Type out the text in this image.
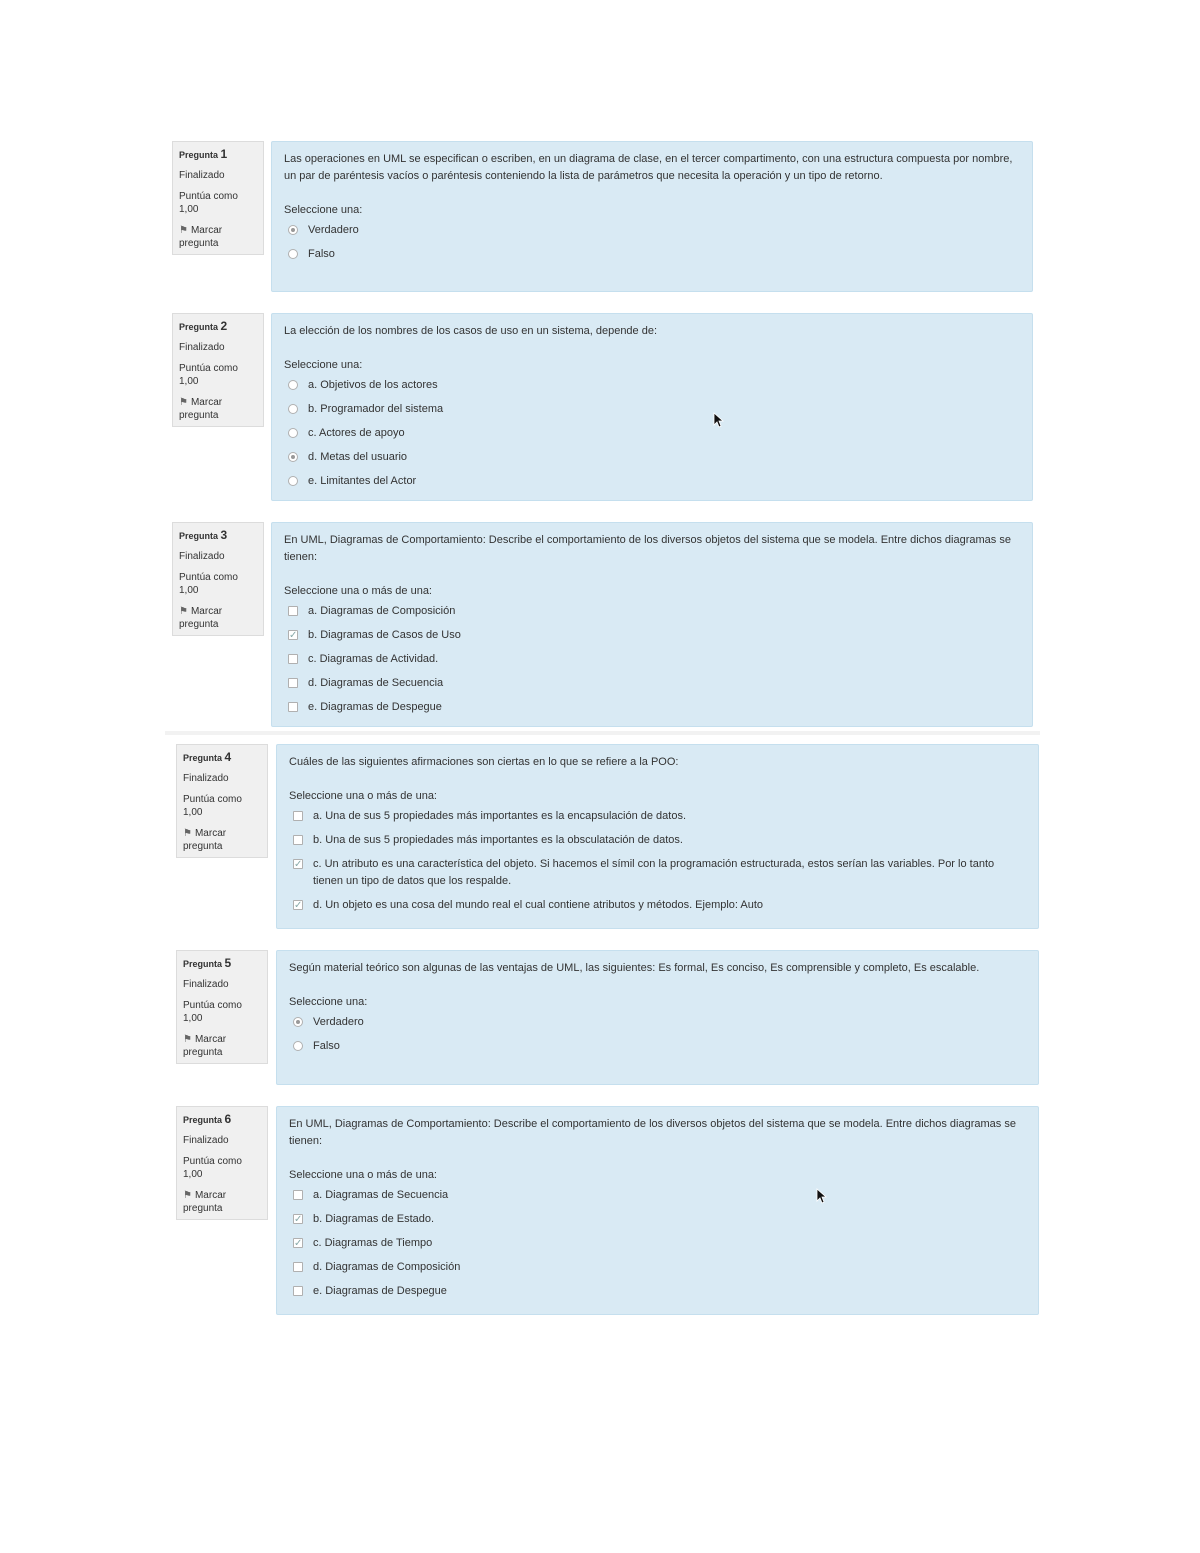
Pregunta 1
Finalizado
Puntúa como 1,00
⚑ Marcar pregunta

Las operaciones en UML se especifican o escriben, en un diagrama de clase, en el tercer compartimento, con una estructura compuesta por nombre, un par de paréntesis vacíos o paréntesis conteniendo la lista de parámetros que necesita la operación y un tipo de retorno.

Seleccione una:
Verdadero
Falso
Pregunta 2
Finalizado
Puntúa como 1,00
⚑ Marcar pregunta

La elección de los nombres de los casos de uso en un sistema, depende de:

Seleccione una:
a. Objetivos de los actores
b. Programador del sistema
c. Actores de apoyo
d. Metas del usuario
e. Limitantes del Actor
Pregunta 3
Finalizado
Puntúa como 1,00
⚑ Marcar pregunta

En UML, Diagramas de Comportamiento: Describe el comportamiento de los diversos objetos del sistema que se modela. Entre dichos diagramas se tienen:

Seleccione una o más de una:
a. Diagramas de Composición
✓
b. Diagramas de Casos de Uso
c. Diagramas de Actividad.
d. Diagramas de Secuencia
e. Diagramas de Despegue
Pregunta 4
Finalizado
Puntúa como 1,00
⚑ Marcar pregunta

Cuáles de las siguientes afirmaciones son ciertas en lo que se refiere a la POO:

Seleccione una o más de una:
a. Una de sus 5 propiedades más importantes es la encapsulación de datos.
b. Una de sus 5 propiedades más importantes es la obsculatación de datos.
✓
c. Un atributo es una característica del objeto. Si hacemos el símil con la programación estructurada, estos serían las variables. Por lo tanto tienen un tipo de datos que los respalde.
✓
d. Un objeto es una cosa del mundo real el cual contiene atributos y métodos. Ejemplo: Auto
Pregunta 5
Finalizado
Puntúa como 1,00
⚑ Marcar pregunta

Según material teórico son algunas de las ventajas de UML, las siguientes: Es formal, Es conciso, Es comprensible y completo, Es escalable.

Seleccione una:
Verdadero
Falso
Pregunta 6
Finalizado
Puntúa como 1,00
⚑ Marcar pregunta

En UML, Diagramas de Comportamiento: Describe el comportamiento de los diversos objetos del sistema que se modela. Entre dichos diagramas se tienen:

Seleccione una o más de una:
a. Diagramas de Secuencia
✓
b. Diagramas de Estado.
✓
c. Diagramas de Tiempo
d. Diagramas de Composición
e. Diagramas de Despegue
